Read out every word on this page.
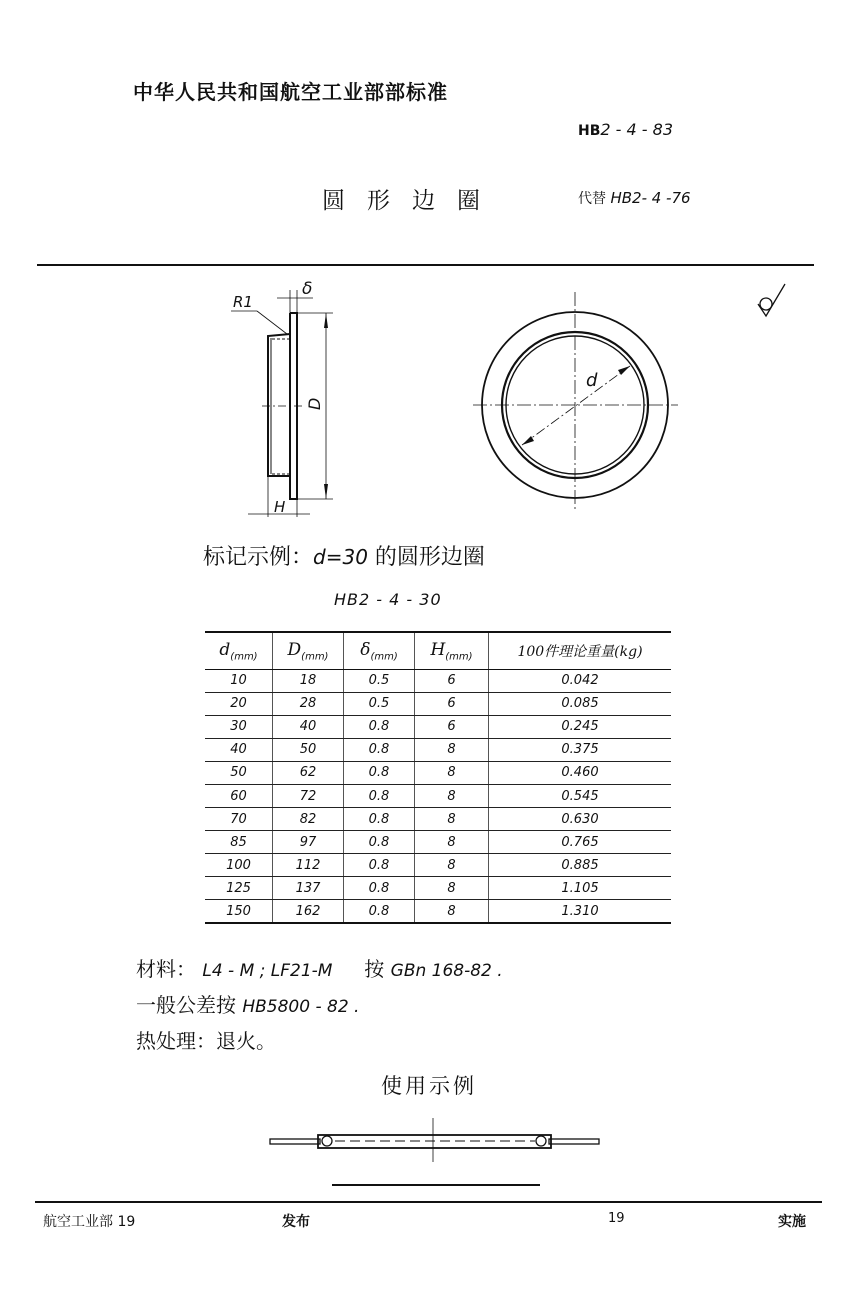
中华人民共和国航空工业部部标准
HB2 - 4 - 83
圆形边圈	代替 HB2- 4 -76
R1
δ
D
H
d
标记示例：d=30 的圆形边圈
HB2 - 4 - 30
$d_{(mm)}$	$D_{(mm)}$	$\delta_{(mm)}$	$H_{(mm)}$	100件理论重量(kg)
10	18	0.5	6	0.042
20	28	0.5	6	0.085
30	40	0.8	6	0.245
40	50	0.8	8	0.375
50	62	0.8	8	0.460
60	72	0.8	8	0.545
70	82	0.8	8	0.630
85	97	0.8	8	0.765
100	112	0.8	8	0.885
125	137	0.8	8	1.105
150	162	0.8	8	1.310
材料： L4 - M ; LF21-M 按 GBn 168-82 .
一般公差按 HB5800 - 82 .
热处理：退火。
使用示例
航空工业部 19	发布	19	实施
